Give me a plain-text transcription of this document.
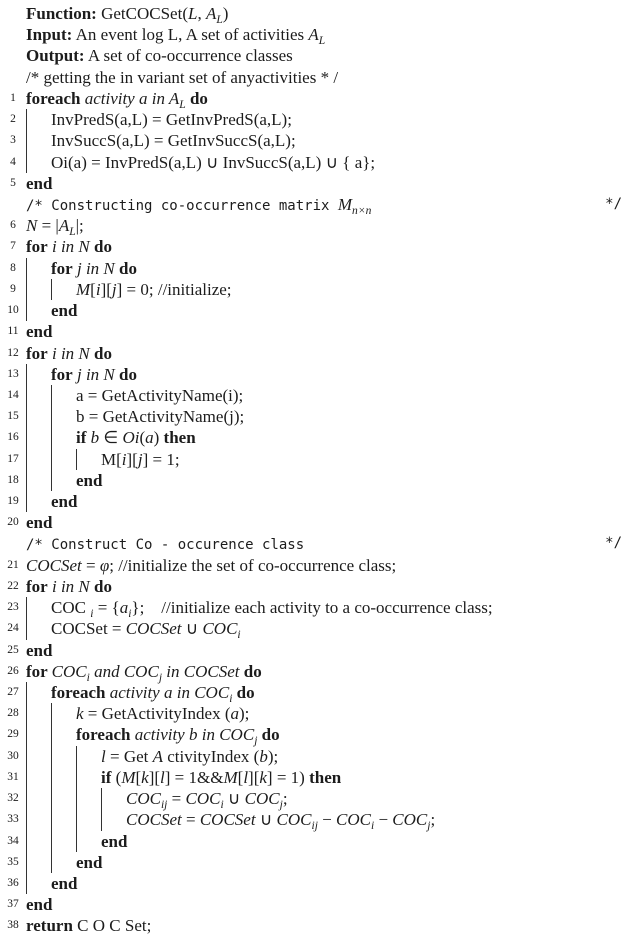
Function: GetCOCSet(L, $A_L$)
Input: An event log L, A set of activities $A_L$
Output: A set of co-occurrence classes
/* getting the in variant set of anyactivities * /
1 foreach activity a in $A_L$ do
2	InvPredS(a,L) = GetInvPredS(a,L);
3	InvSuccS(a,L) = GetInvSuccS(a,L);
4	Oi(a) = InvPredS(a,L) ∪ InvSuccS(a,L) ∪ { a};
5 end
/* Constructing co-occurrence matrix $M_{n\times n}$	*/
6 $N = |A_L|$;
7 for i in N do
8	for j in N do
9	M[i][j] = 0; //initialize;
10	end
11 end
12 for i in N do
13	for j in N do
14	a = GetActivityName(i);
15	b = GetActivityName(j);
16	if b ∈ Oi(a) then
17	M[i][j] = 1;
18	end
19	end
20 end
/* Construct Co - occurence class	*/
21 COCSet = φ; //initialize the set of co-occurrence class;
22 for i in N do
23	COC $_i = \{a_i\}$;    //initialize each activity to a co-occurrence class;
24	COCSet = COCSet ∪ $COC_i$
25 end
26 for $COC_i$ and $COC_j$ in COCSet do
27	foreach activity a in $COC_i$ do
28	k = GetActivityIndex (a);
29	foreach activity b in $COC_j$ do
30	l = Get A ctivityIndex (b);
31	if (M[k][l] = 1&&M[l][k] = 1) then
32	$COC_{ij} = COC_i$ ∪ $COC_j$;
33	COCSet = COCSet ∪ $COC_{ij} - COC_i - COC_j$;
34	end
35	end
36	end
37 end
38 return C O C Set;
